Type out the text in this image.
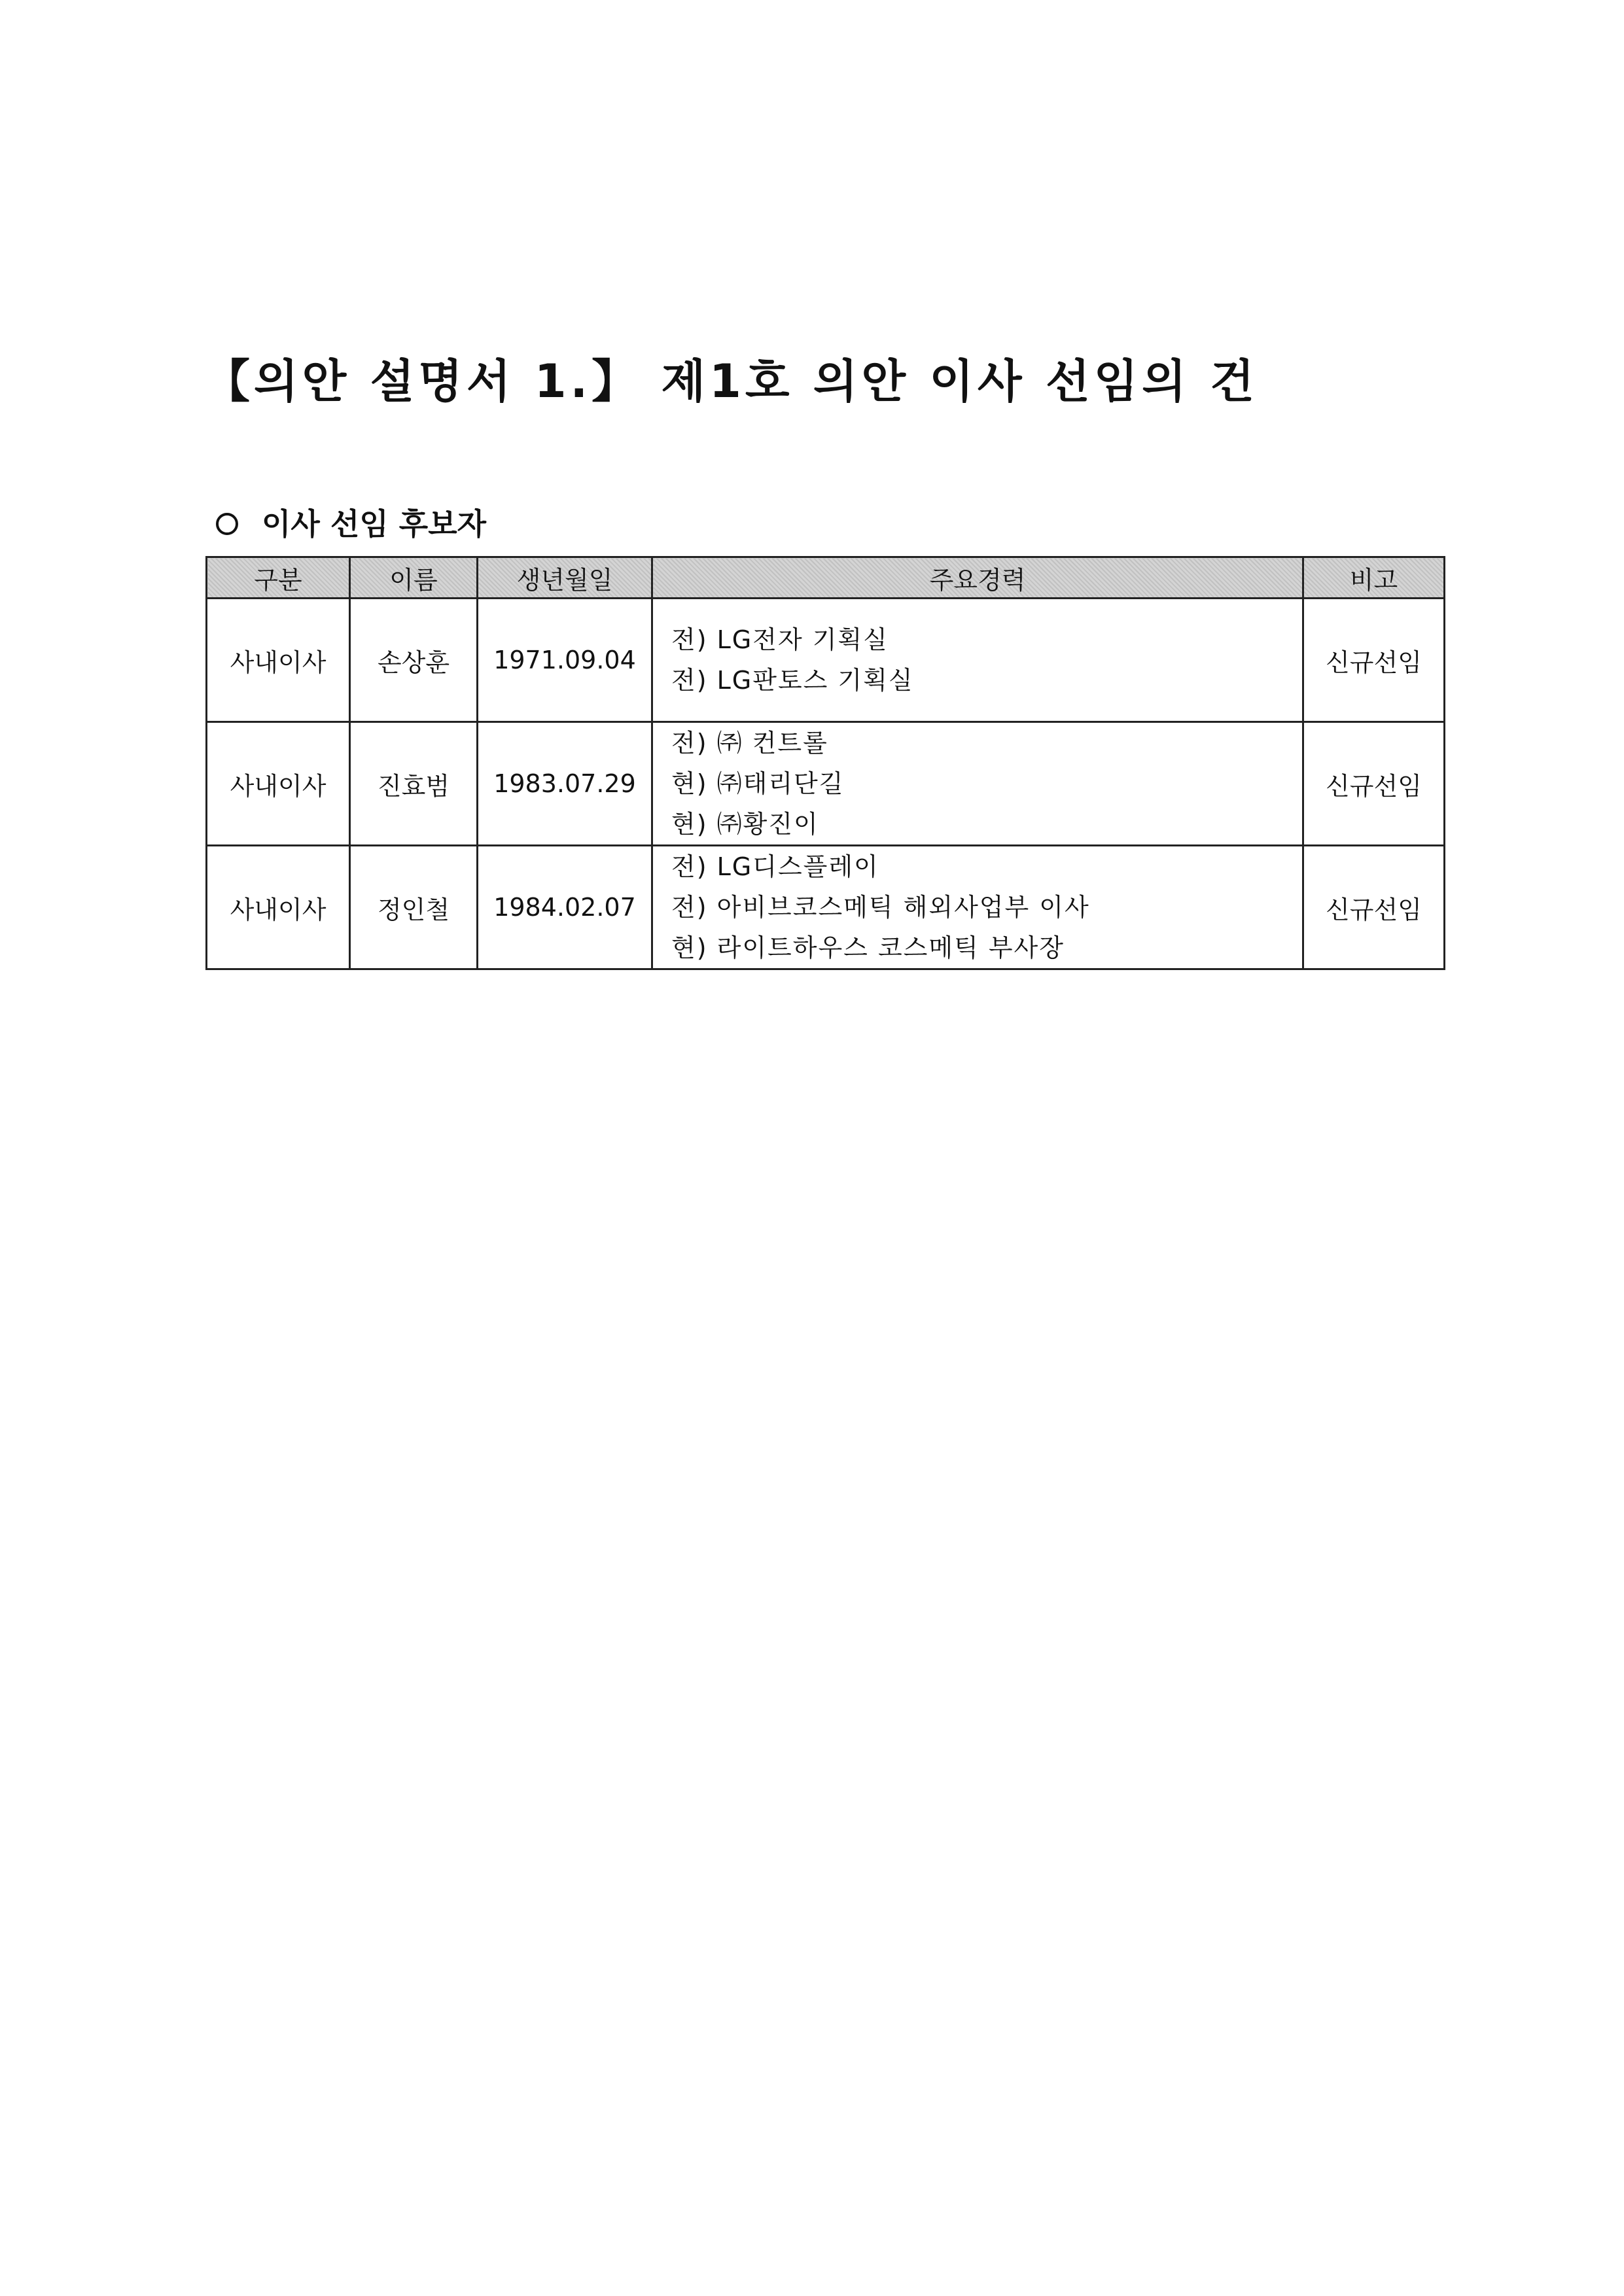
【의안 설명서 1.】 제1호 의안 이사 선임의 건
이사 선임 후보자
구분	이름	생년월일	주요경력	비고
사내이사	손상훈	1971.09.04	전) LG전자 기획실
전) LG판토스 기획실	신규선임
사내이사	진효범	1983.07.29	전) ㈜ 컨트롤
현) ㈜태리단길
현) ㈜황진이	신규선임
사내이사	정인철	1984.02.07	전) LG디스플레이
전) 아비브코스메틱 해외사업부 이사
현) 라이트하우스 코스메틱 부사장	신규선임
